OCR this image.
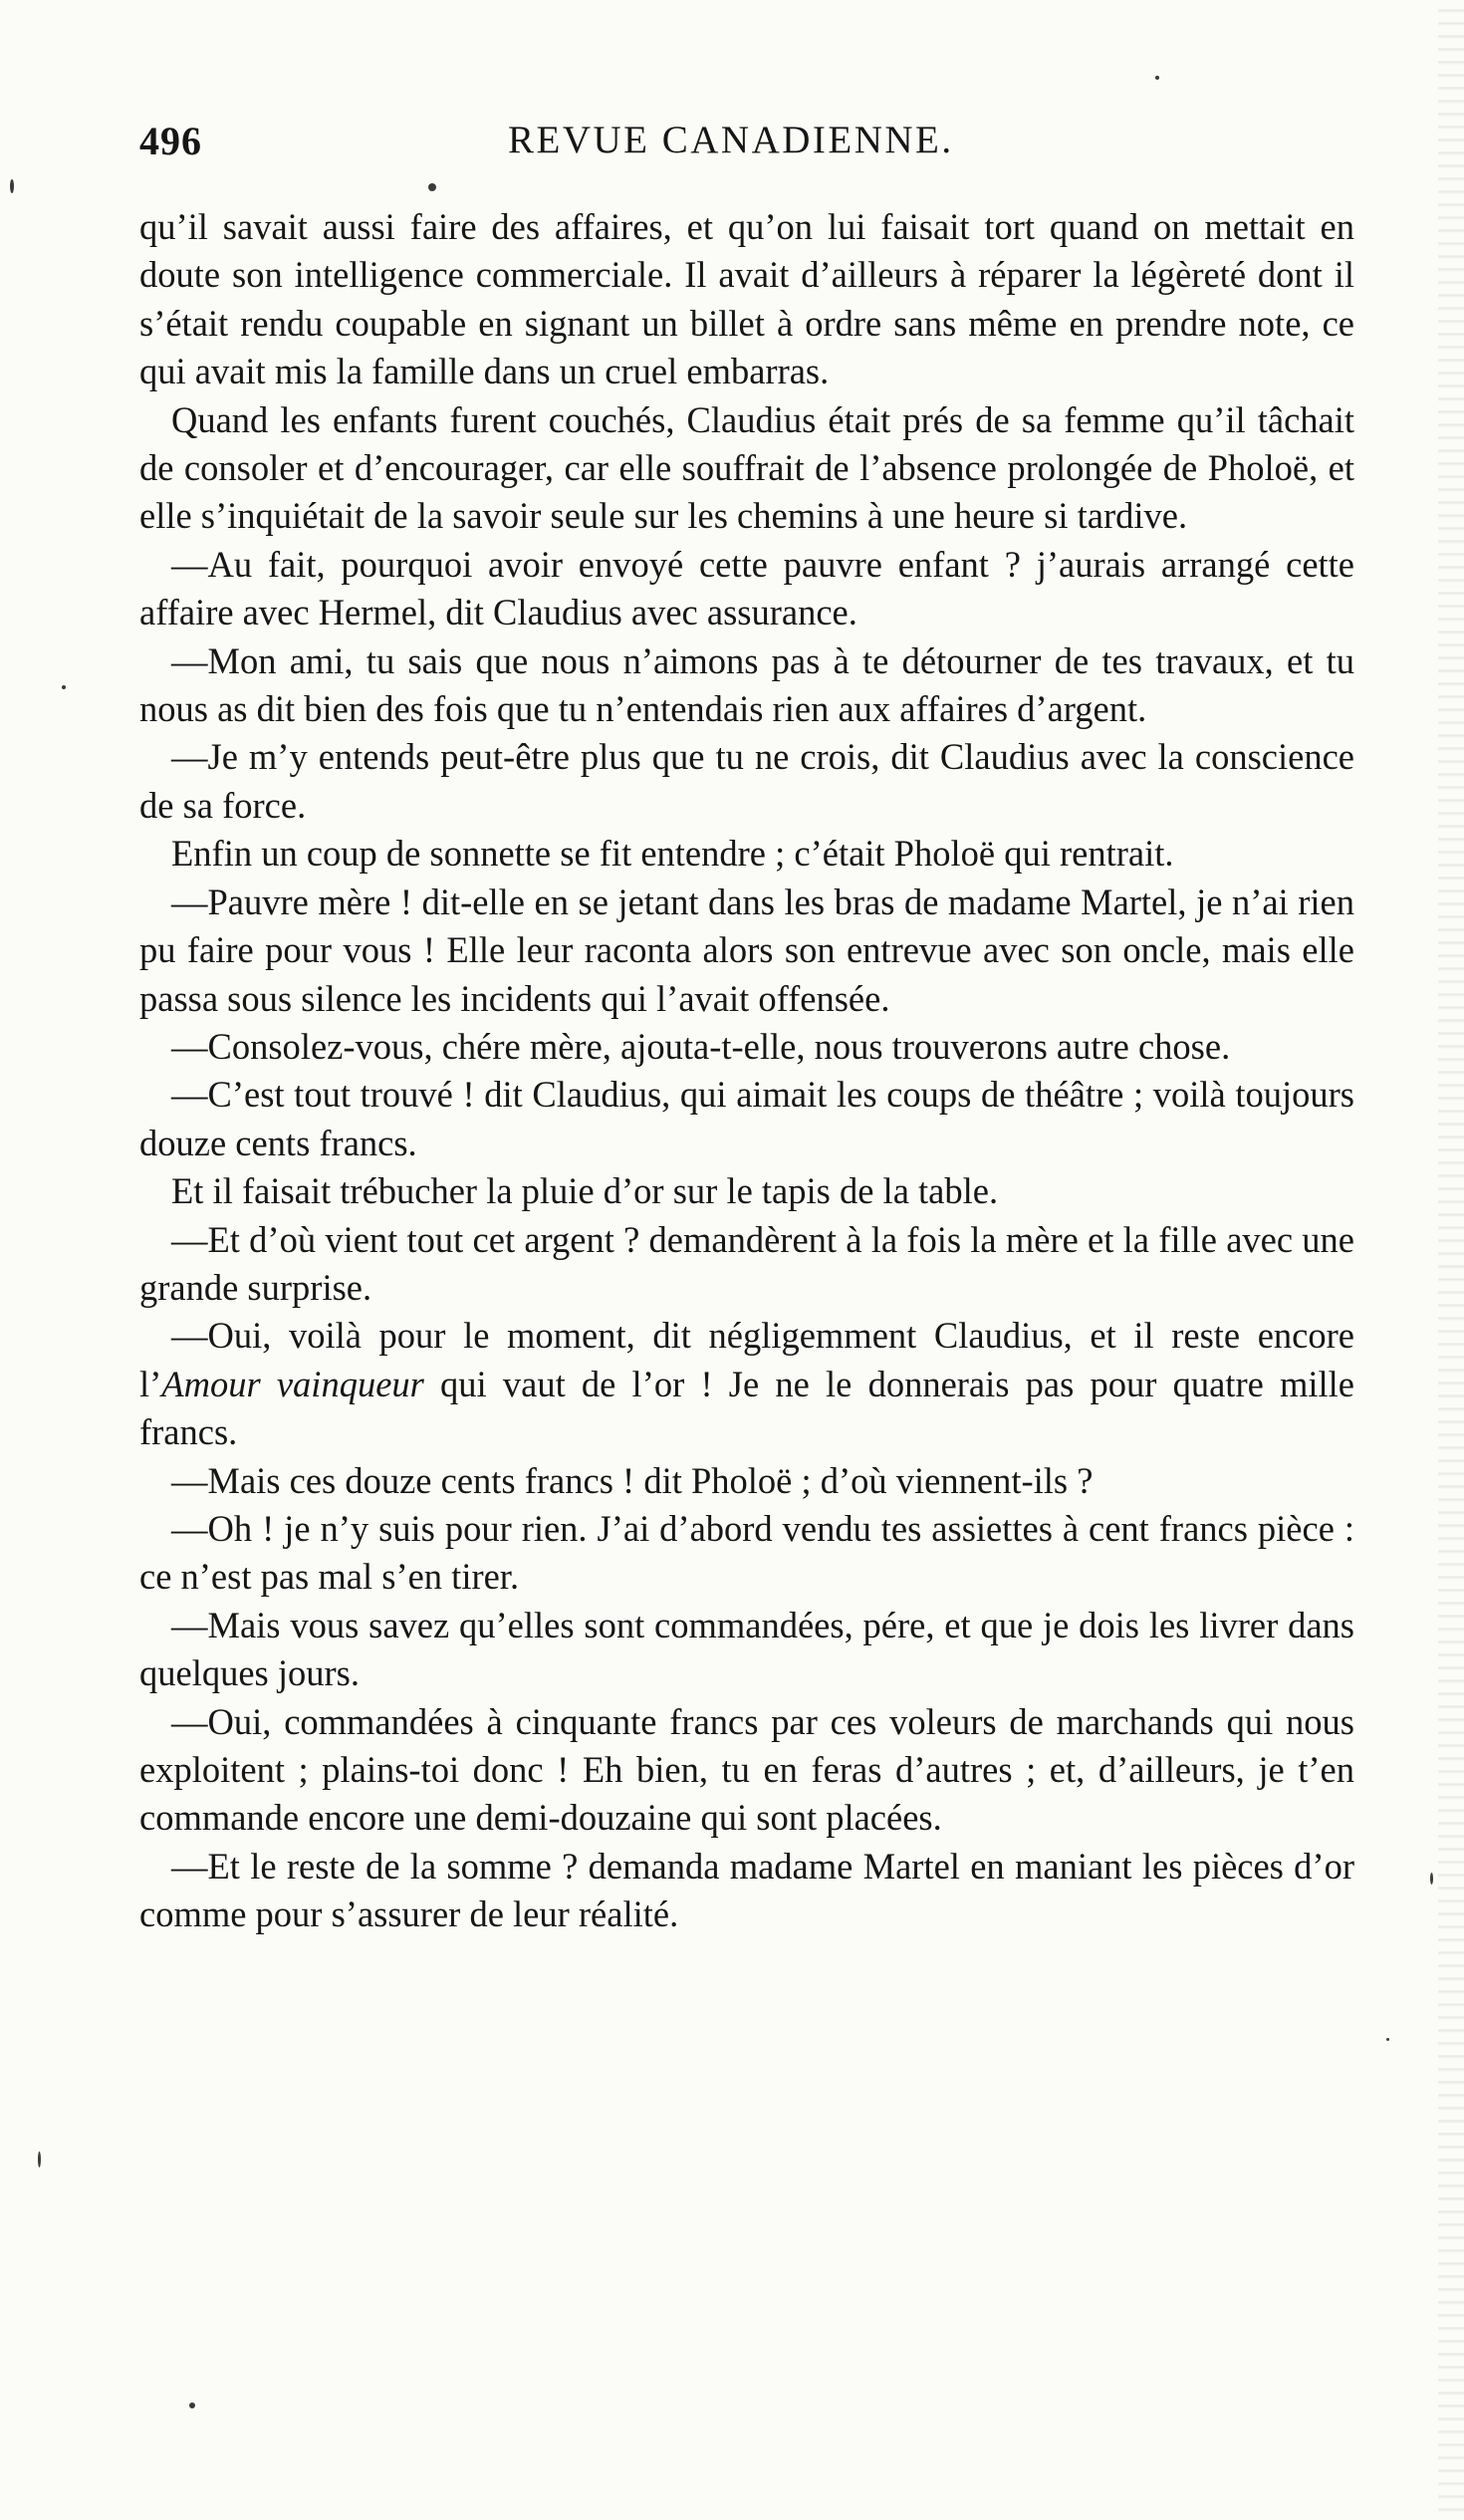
496	REVUE CANADIENNE.

qu’il savait aussi faire des affaires, et qu’on lui faisait tort quand on mettait en doute son intelligence commerciale. Il avait d’ailleurs à réparer la légèreté dont il s’était rendu coupable en signant un billet à ordre sans même en prendre note, ce qui avait mis la famille dans un cruel embarras.

Quand les enfants furent couchés, Claudius était prés de sa femme qu’il tâchait de consoler et d’encourager, car elle souffrait de l’absence prolongée de Pholoë, et elle s’inquiétait de la savoir seule sur les chemins à une heure si tardive.

—Au fait, pourquoi avoir envoyé cette pauvre enfant ? j’aurais arrangé cette affaire avec Hermel, dit Claudius avec assurance.

—Mon ami, tu sais que nous n’aimons pas à te détourner de tes travaux, et tu nous as dit bien des fois que tu n’entendais rien aux affaires d’argent.

—Je m’y entends peut-être plus que tu ne crois, dit Claudius avec la conscience de sa force.

Enfin un coup de sonnette se fit entendre ; c’était Pholoë qui rentrait.

—Pauvre mère ! dit-elle en se jetant dans les bras de madame Martel, je n’ai rien pu faire pour vous ! Elle leur raconta alors son entrevue avec son oncle, mais elle passa sous silence les incidents qui l’avait offensée.

—Consolez-vous, chére mère, ajouta-t-elle, nous trouverons autre chose.

—C’est tout trouvé ! dit Claudius, qui aimait les coups de théâtre ; voilà toujours douze cents francs.

Et il faisait trébucher la pluie d’or sur le tapis de la table.

—Et d’où vient tout cet argent ? demandèrent à la fois la mère et la fille avec une grande surprise.

—Oui, voilà pour le moment, dit négligemment Claudius, et il reste encore l’Amour vainqueur qui vaut de l’or ! Je ne le donnerais pas pour quatre mille francs.

—Mais ces douze cents francs ! dit Pholoë ; d’où viennent-ils ?

—Oh ! je n’y suis pour rien. J’ai d’abord vendu tes assiettes à cent francs pièce : ce n’est pas mal s’en tirer.

—Mais vous savez qu’elles sont commandées, pére, et que je dois les livrer dans quelques jours.

—Oui, commandées à cinquante francs par ces voleurs de marchands qui nous exploitent ; plains-toi donc ! Eh bien, tu en feras d’autres ; et, d’ailleurs, je t’en commande encore une demi-douzaine qui sont placées.

—Et le reste de la somme ? demanda madame Martel en maniant les pièces d’or comme pour s’assurer de leur réalité.
